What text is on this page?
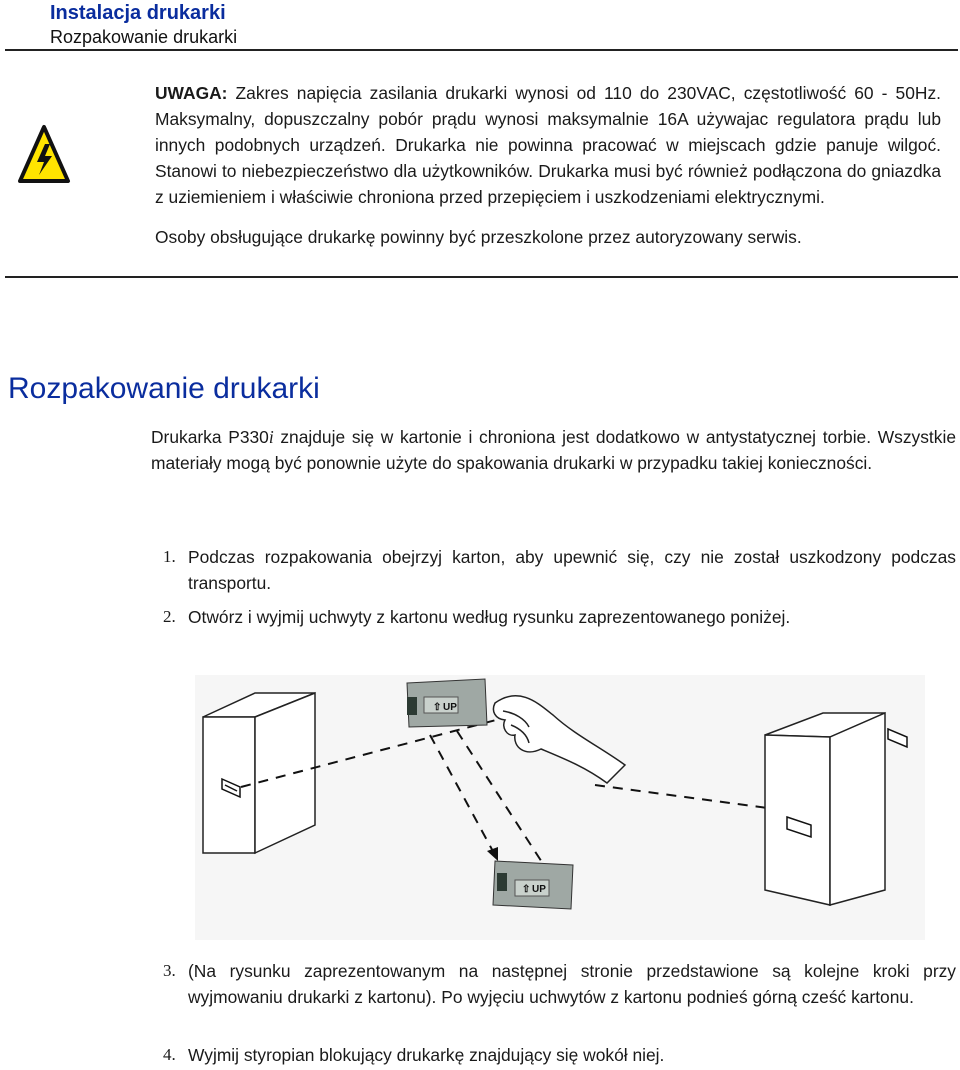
Instalacja drukarki
Rozpakowanie drukarki

UWAGA: Zakres napięcia zasilania drukarki wynosi od 110 do 230VAC, częstotliwość 60 - 50Hz. Maksymalny, dopuszczalny pobór prądu wynosi maksymalnie 16A używajac regulatora prądu lub innych podobnych urządzeń. Drukarka nie powinna pracować w miejscach gdzie panuje wilgoć. Stanowi to niebezpieczeństwo dla użytkowników. Drukarka musi być również podłączona do gniazdka z uziemieniem i właściwie chroniona przed przepięciem i uszkodzeniami elektrycznymi.

Osoby obsługujące drukarkę powinny być przeszkolone przez autoryzowany serwis.

Rozpakowanie drukarki

Drukarka P330i znajduje się w kartonie i chroniona jest dodatkowo w antystatycznej torbie. Wszystkie materiały mogą być ponownie użyte do spakowania drukarki w przypadku takiej konieczności.

1. Podczas rozpakowania obejrzyj karton, aby upewnić się, czy nie został uszkodzony podczas transportu.
2. Otwórz i wyjmij uchwyty z kartonu według rysunku zaprezentowanego poniżej.
⇧ UP
⇧ UP
3. (Na rysunku zaprezentowanym na następnej stronie przedstawione są kolejne kroki przy wyjmowaniu drukarki z kartonu). Po wyjęciu uchwytów z kartonu podnieś górną cześć kartonu.
4. Wyjmij styropian blokujący drukarkę znajdujący się wokół niej.
